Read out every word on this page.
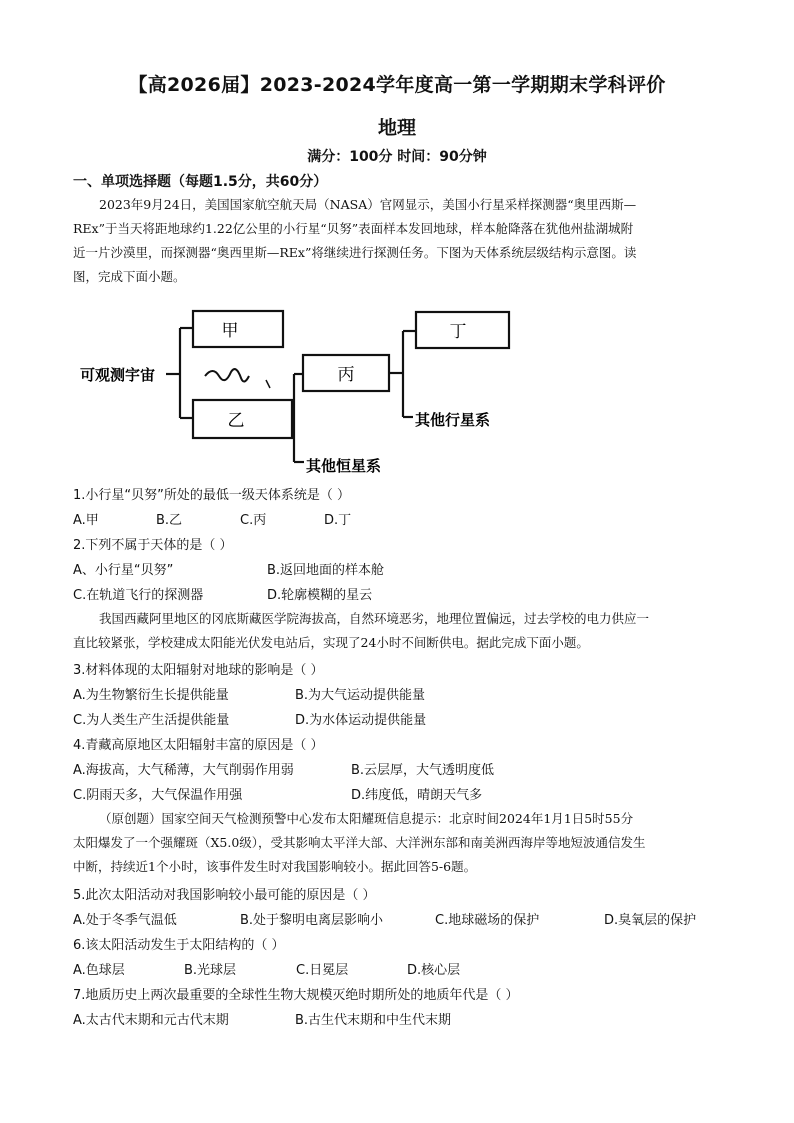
【高2026届】2023-2024学年度高一第一学期期末学科评价
地理
满分：100分 时间：90分钟
一、单项选择题（每题1.5分，共60分）
2023年9月24日，美国国家航空航天局（NASA）官网显示，美国小行星采样探测器“奥里西斯—
REx”于当天将距地球约1.22亿公里的小行星“贝努”表面样本发回地球，样本舱降落在犹他州盐湖城附
近一片沙漠里，而探测器“奥西里斯—REx”将继续进行探测任务。下图为天体系统层级结构示意图。读
图，完成下面小题。
可观测宇宙
甲
乙
丙
丁
其他恒星系
其他行星系
1.小行星“贝努”所处的最低一级天体系统是（ ）
A.甲	B.乙	C.丙	D.丁
2.下列不属于天体的是（ ）
A、小行星“贝努”	B.返回地面的样本舱
C.在轨道飞行的探测器	D.轮廓模糊的星云
我国西藏阿里地区的冈底斯藏医学院海拔高，自然环境恶劣，地理位置偏远，过去学校的电力供应一
直比较紧张，学校建成太阳能光伏发电站后，实现了24小时不间断供电。据此完成下面小题。
3.材料体现的太阳辐射对地球的影响是（ ）
A.为生物繁衍生长提供能量	B.为大气运动提供能量
C.为人类生产生活提供能量	D.为水体运动提供能量
4.青藏高原地区太阳辐射丰富的原因是（ ）
A.海拔高，大气稀薄，大气削弱作用弱	B.云层厚，大气透明度低
C.阴雨天多，大气保温作用强	D.纬度低，晴朗天气多
（原创题）国家空间天气检测预警中心发布太阳耀斑信息提示：北京时间2024年1月1日5时55分
太阳爆发了一个强耀斑（X5.0级），受其影响太平洋大部、大洋洲东部和南美洲西海岸等地短波通信发生
中断，持续近1个小时，该事件发生时对我国影响较小。据此回答5-6题。
5.此次太阳活动对我国影响较小最可能的原因是（ ）
A.处于冬季气温低	B.处于黎明电离层影响小	C.地球磁场的保护	D.臭氧层的保护
6.该太阳活动发生于太阳结构的（ ）
A.色球层	B.光球层	C.日冕层	D.核心层
7.地质历史上两次最重要的全球性生物大规模灭绝时期所处的地质年代是（ ）
A.太古代末期和元古代末期	B.古生代末期和中生代末期
